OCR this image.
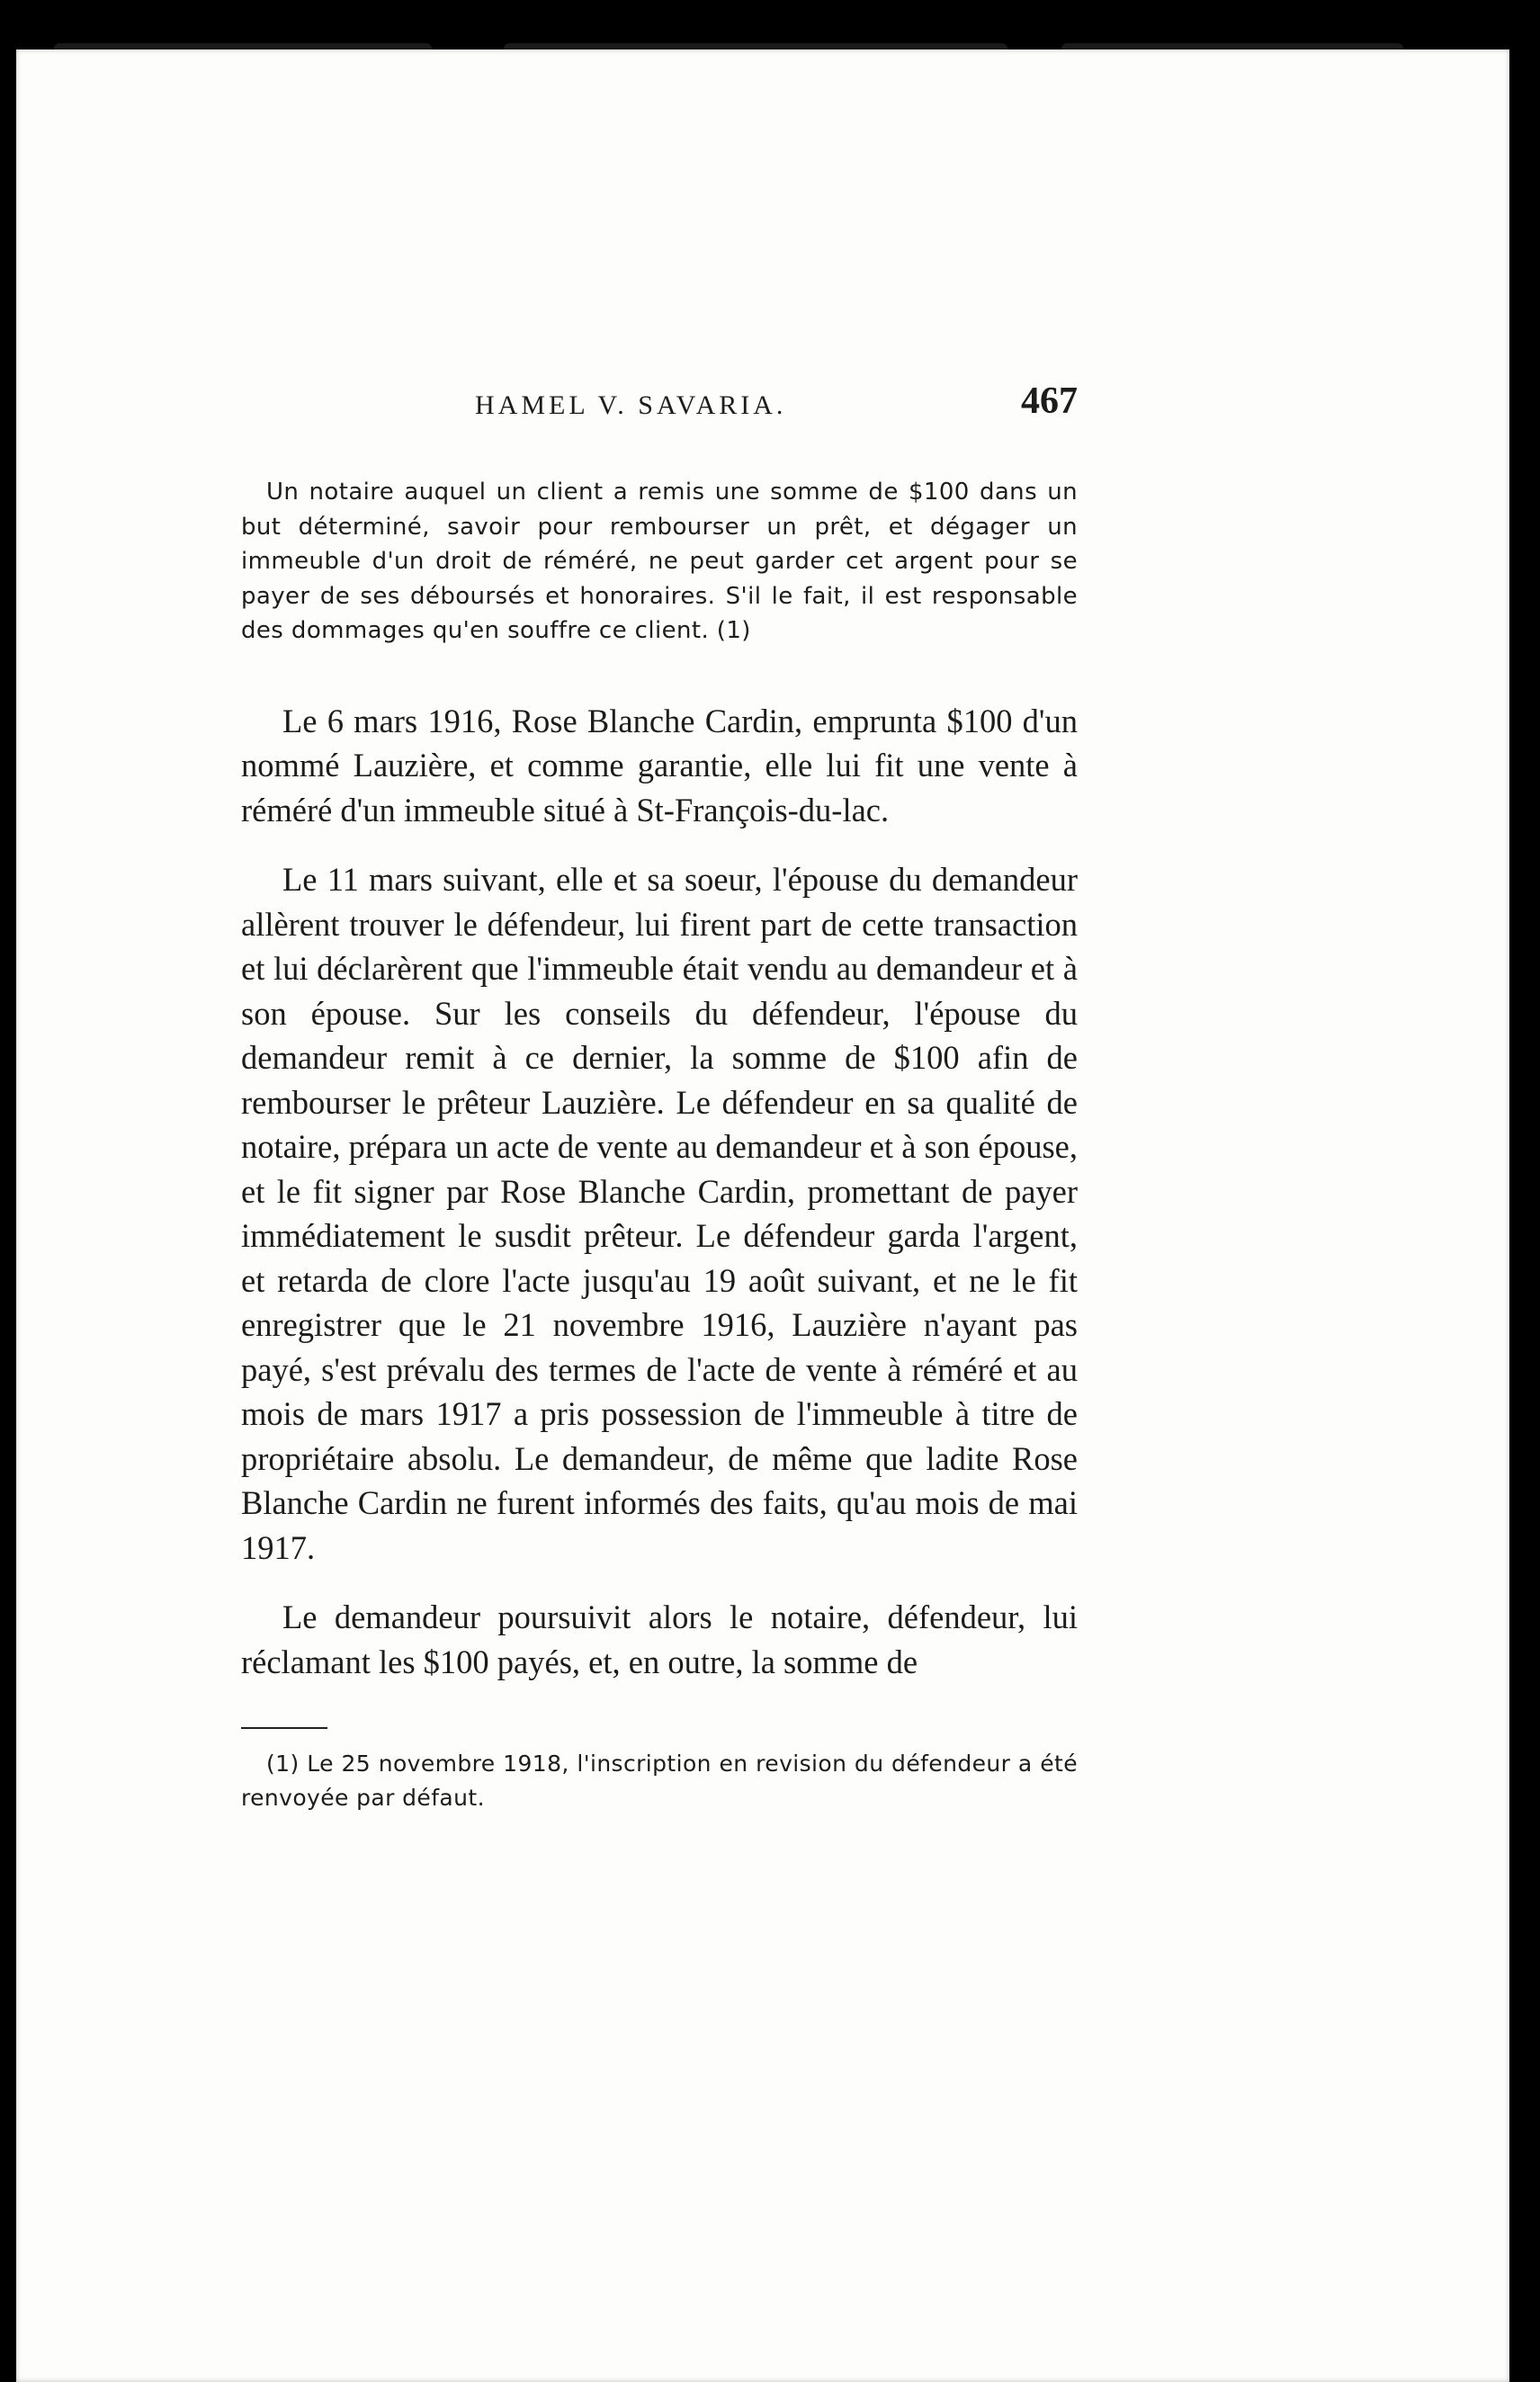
HAMEL V. SAVARIA.	467

Un notaire auquel un client a remis une somme de $100 dans un but déterminé, savoir pour rembourser un prêt, et dégager un immeuble d'un droit de réméré, ne peut garder cet argent pour se payer de ses déboursés et honoraires. S'il le fait, il est responsable des dommages qu'en souffre ce client. (1)

Le 6 mars 1916, Rose Blanche Cardin, emprunta $100 d'un nommé Lauzière, et comme garantie, elle lui fit une vente à réméré d'un immeuble situé à St-François-du-lac.

Le 11 mars suivant, elle et sa soeur, l'épouse du demandeur allèrent trouver le défendeur, lui firent part de cette transaction et lui déclarèrent que l'immeuble était vendu au demandeur et à son épouse. Sur les conseils du défendeur, l'épouse du demandeur remit à ce dernier, la somme de $100 afin de rembourser le prêteur Lauzière. Le défendeur en sa qualité de notaire, prépara un acte de vente au demandeur et à son épouse, et le fit signer par Rose Blanche Cardin, promettant de payer immédiatement le susdit prêteur. Le défendeur garda l'argent, et retarda de clore l'acte jusqu'au 19 août suivant, et ne le fit enregistrer que le 21 novembre 1916, Lauzière n'ayant pas payé, s'est prévalu des termes de l'acte de vente à réméré et au mois de mars 1917 a pris possession de l'immeuble à titre de propriétaire absolu. Le demandeur, de même que ladite Rose Blanche Cardin ne furent informés des faits, qu'au mois de mai 1917.

Le demandeur poursuivit alors le notaire, défendeur, lui réclamant les $100 payés, et, en outre, la somme de

(1) Le 25 novembre 1918, l'inscription en revision du défendeur a été renvoyée par défaut.
